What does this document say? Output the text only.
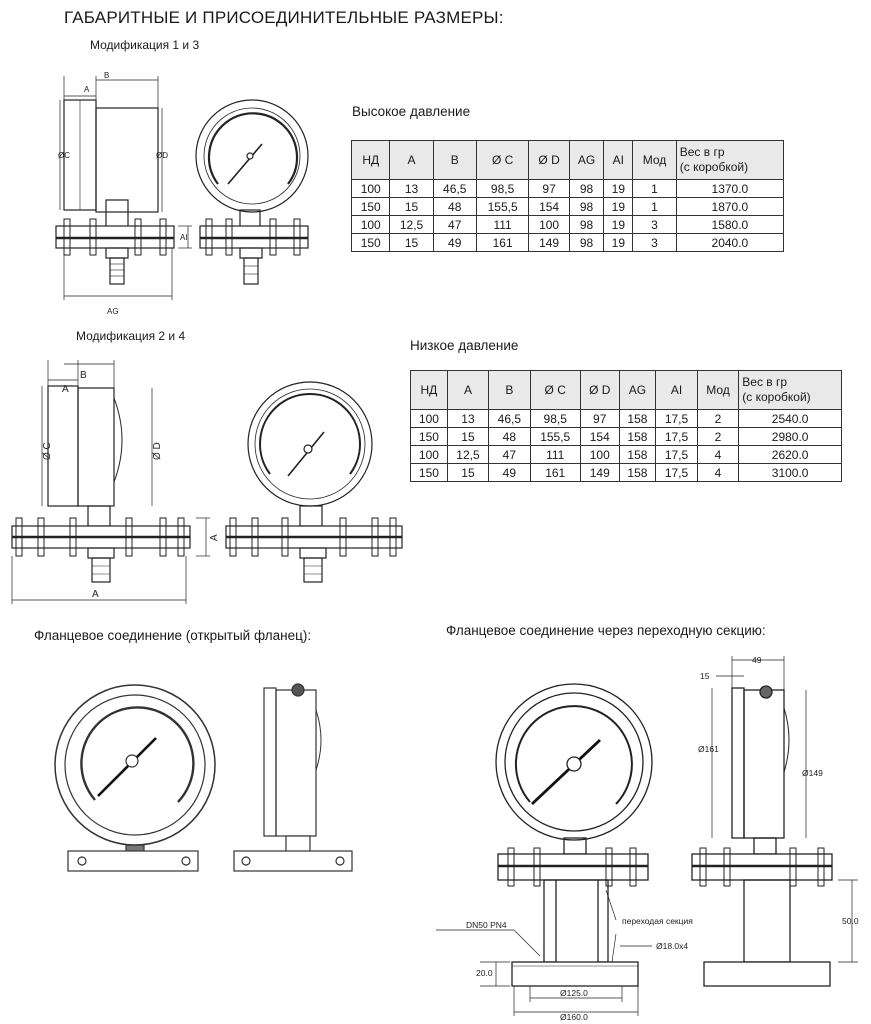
ГАБАРИТНЫЕ И ПРИСОЕДИНИТЕЛЬНЫЕ РАЗМЕРЫ:
Модификация 1 и 3
Модификация 2 и 4
Высокое давление
Низкое давление
НД	А	В	Ø C	Ø D	AG	AI	Мод	Вес в гр
(с коробкой)
100	13	46,5	98,5	97	98	19	1	1370.0
150	15	48	155,5	154	98	19	1	1870.0
100	12,5	47	111	100	98	19	3	1580.0
150	15	49	161	149	98	19	3	2040.0
НД	А	В	Ø C	Ø D	AG	AI	Мод	Вес в гр
(с коробкой)
100	13	46,5	98,5	97	158	17,5	2	2540.0
150	15	48	155,5	154	158	17,5	2	2980.0
100	12,5	47	111	100	158	17,5	4	2620.0
150	15	49	161	149	158	17,5	4	3100.0
Фланцевое соединение (открытый фланец):	Фланцевое соединение через переходную секцию:
B
A
ØC	ØD
AI
AG
B
A
Ø C	Ø D
A
A
DN50 PN4	переходая секция
Ø18.0x4
20.0
Ø125.0
Ø160.0
49
15
Ø161
Ø149
50.0
